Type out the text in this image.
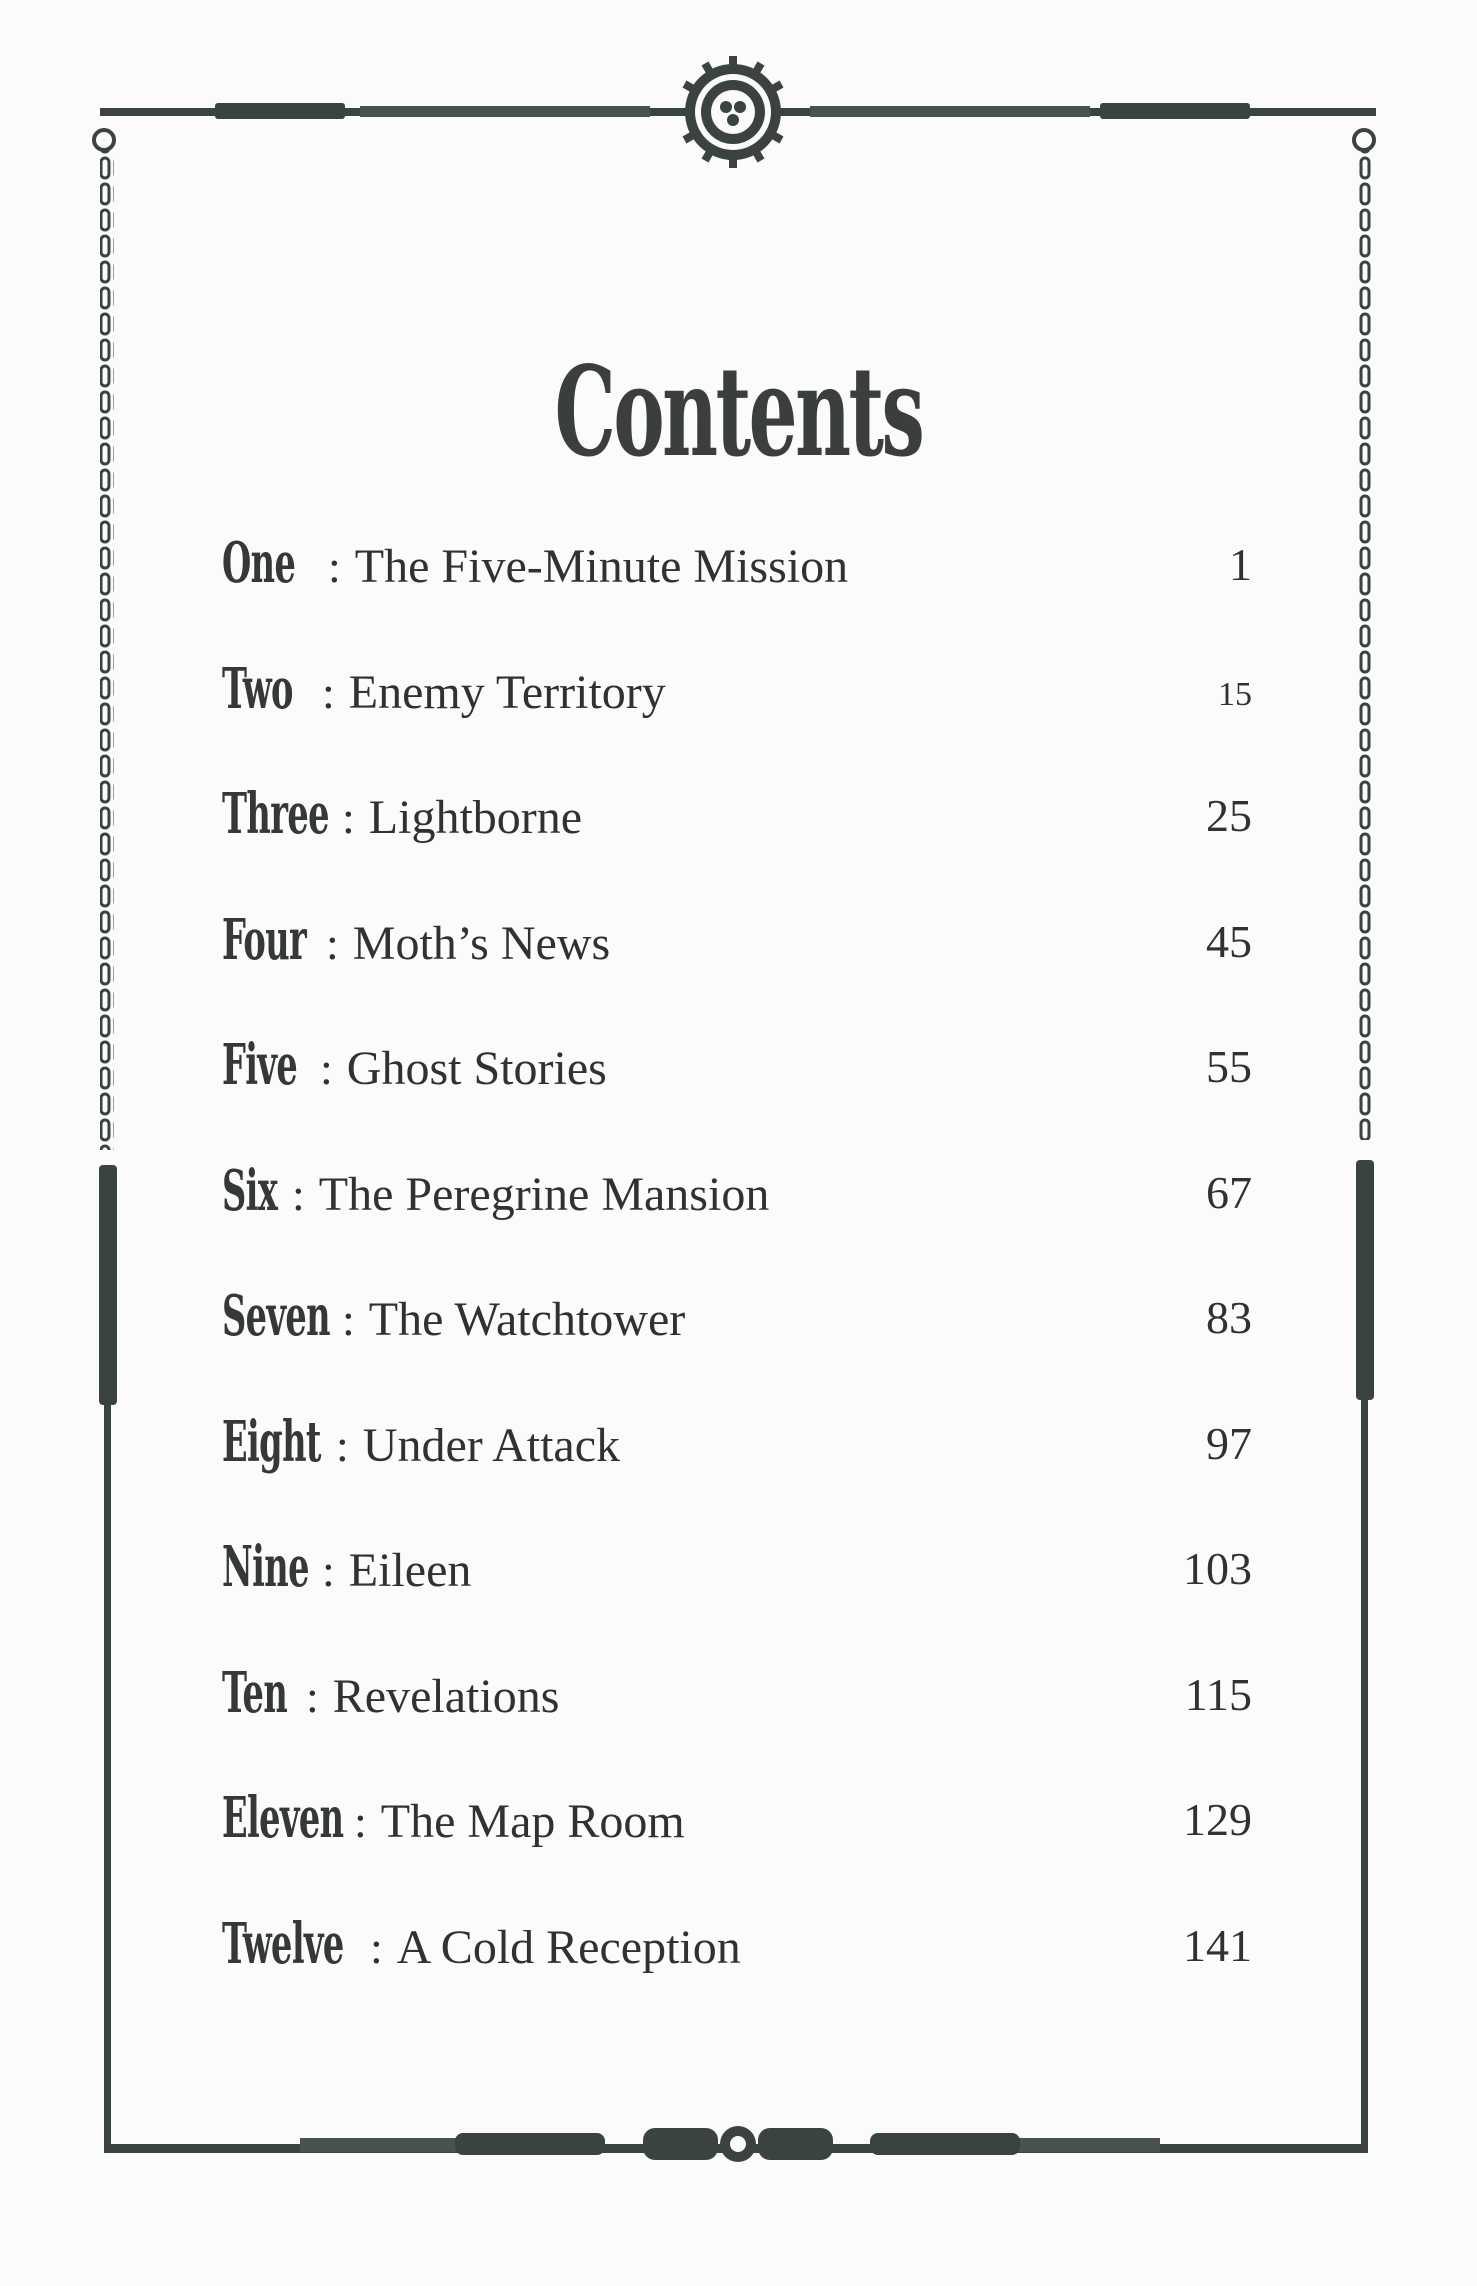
Contents
One : The Five-Minute Mission	1
Two : Enemy Territory	15
Three : Lightborne	25
Four : Moth’s News	45
Five : Ghost Stories	55
Six : The Peregrine Mansion	67
Seven : The Watchtower	83
Eight : Under Attack	97
Nine : Eileen	103
Ten : Revelations	115
Eleven : The Map Room	129
Twelve : A Cold Reception	141
